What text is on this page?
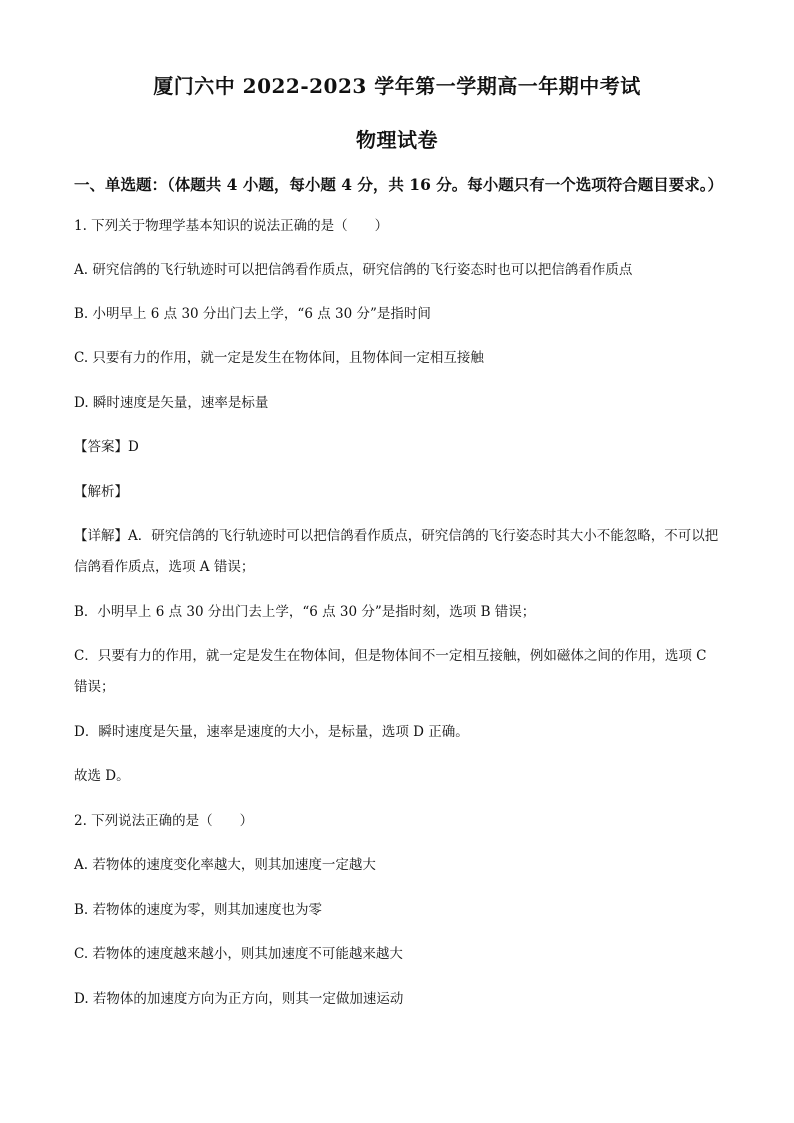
厦门六中 2022-2023 学年第一学期高一年期中考试
物理试卷
一、单选题：（体题共 4 小题，每小题 4 分，共 16 分。每小题只有一个选项符合题目要求。）
1. 下列关于物理学基本知识的说法正确的是（　　）
A. 研究信鸽的飞行轨迹时可以把信鸽看作质点，研究信鸽的飞行姿态时也可以把信鸽看作质点
B. 小明早上 6 点 30 分出门去上学，“6 点 30 分”是指时间
C. 只要有力的作用，就一定是发生在物体间，且物体间一定相互接触
D. 瞬时速度是矢量，速率是标量
【答案】D
【解析】
【详解】A．研究信鸽的飞行轨迹时可以把信鸽看作质点，研究信鸽的飞行姿态时其大小不能忽略，不可以把信鸽看作质点，选项 A 错误；
B．小明早上 6 点 30 分出门去上学，“6 点 30 分”是指时刻，选项 B 错误；
C．只要有力的作用，就一定是发生在物体间，但是物体间不一定相互接触，例如磁体之间的作用，选项 C 错误；
D．瞬时速度是矢量，速率是速度的大小，是标量，选项 D 正确。
故选 D。
2. 下列说法正确的是（　　）
A. 若物体的速度变化率越大，则其加速度一定越大
B. 若物体的速度为零，则其加速度也为零
C. 若物体的速度越来越小，则其加速度不可能越来越大
D. 若物体的加速度方向为正方向，则其一定做加速运动
